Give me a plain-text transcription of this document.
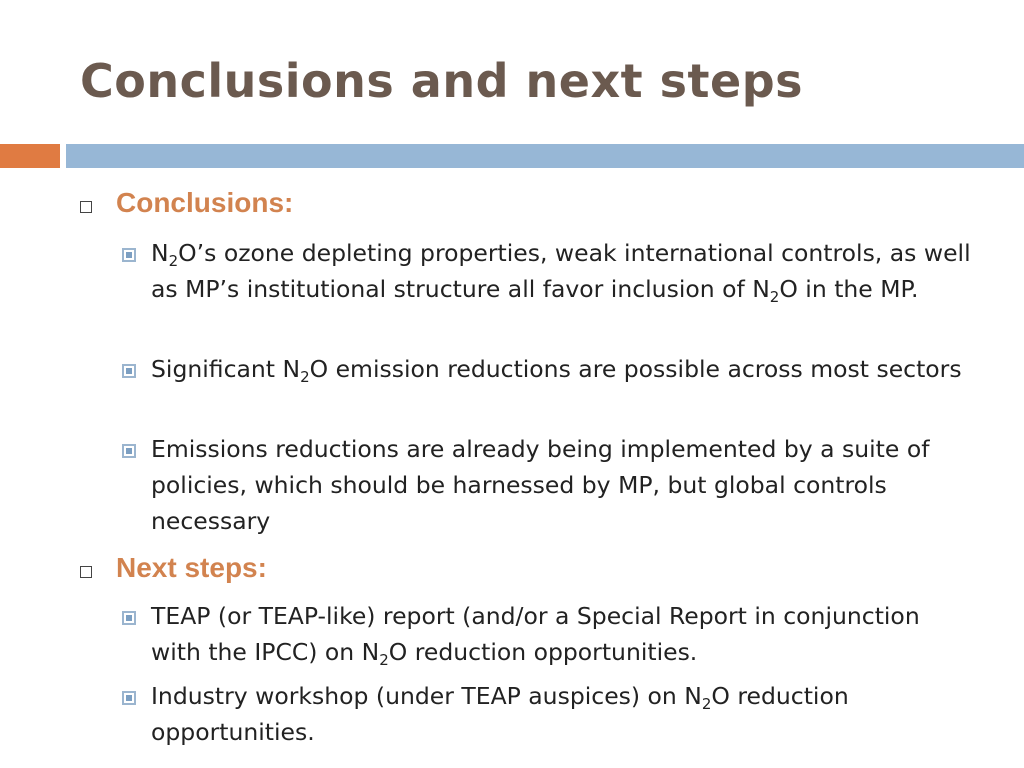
Conclusions and next steps
Conclusions:
$N_2O’s$ ozone depleting properties, weak international controls, as well as MP’s institutional structure all favor inclusion of $N_2O$ in the MP.
Significant $N_2O$ emission reductions are possible across most sectors
Emissions reductions are already being implemented by a suite of policies, which should be harnessed by MP, but global controls necessary
Next steps:
TEAP (or TEAP-like) report (and/or a Special Report in conjunction with the IPCC) on $N_2O$ reduction opportunities.
Industry workshop (under TEAP auspices) on $N_2O$ reduction opportunities.
